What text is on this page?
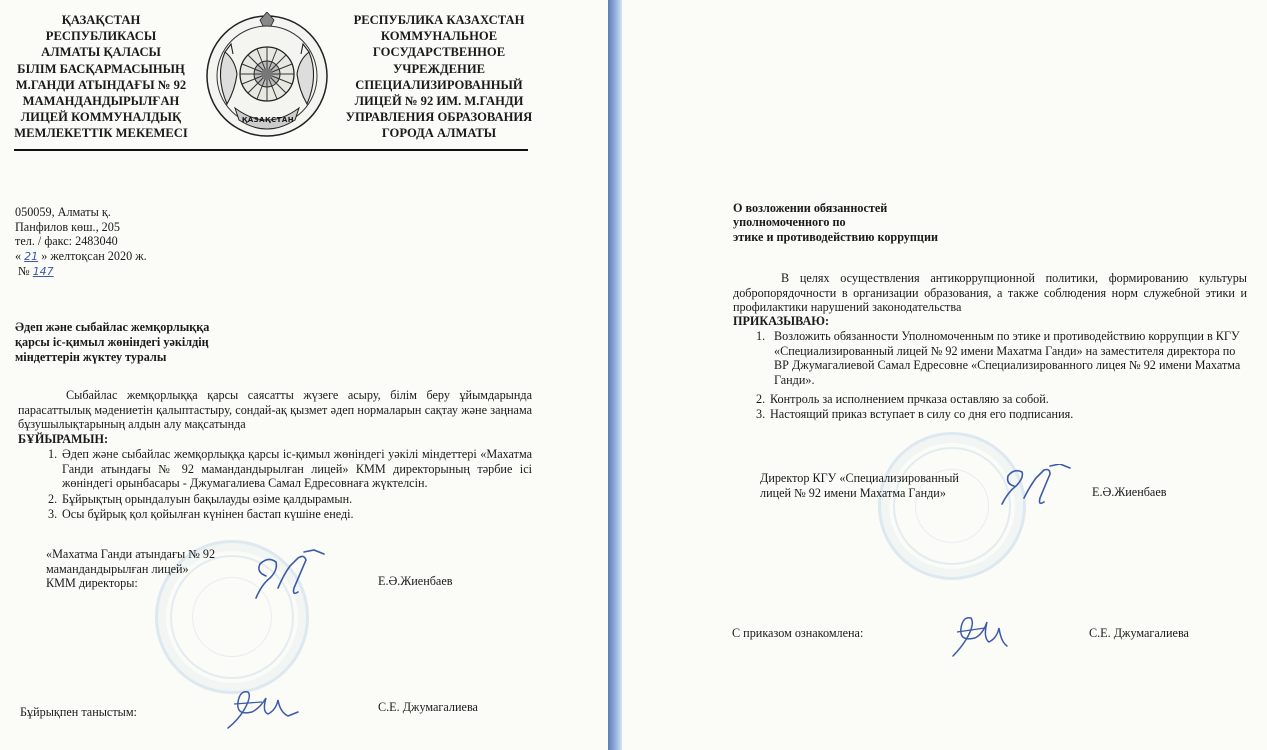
ҚАЗАҚСТАН
РЕСПУБЛИКАСЫ
АЛМАТЫ ҚАЛАСЫ
БІЛІМ БАСҚАРМАСЫНЫҢ
М.ГАНДИ АТЫНДАҒЫ № 92
МАМАНДАНДЫРЫЛҒАН
ЛИЦЕЙ КОММУНАЛДЫҚ
МЕМЛЕКЕТТІК МЕКЕМЕСІ
ҚАЗАҚСТАН
РЕСПУБЛИКА КАЗАХСТАН
КОММУНАЛЬНОЕ
ГОСУДАРСТВЕННОЕ
УЧРЕЖДЕНИЕ
СПЕЦИАЛИЗИРОВАННЫЙ
ЛИЦЕЙ № 92 ИМ. М.ГАНДИ
УПРАВЛЕНИЯ ОБРАЗОВАНИЯ
ГОРОДА АЛМАТЫ
050059, Алматы қ.
Панфилов көш., 205
тел. / факс: 2483040
« 21 » желтоқсан 2020 ж.
№ 147
Әдеп және сыбайлас жемқорлыққа
қарсы іс-қимыл жөніндегі уәкілдің
міндеттерін жүктеу туралы
Сыбайлас жемқорлыққа қарсы саясатты жүзеге асыру, білім беру ұйымдарында парасаттылық мәдениетін қалыптастыру, сондай-ақ қызмет әдеп нормаларын сақтау және заңнама бұзушылықтарының алдын алу мақсатында
БҰЙЫРАМЫН:
1. Әдеп және сыбайлас жемқорлыққа қарсы іс-қимыл жөніндегі уәкілі міндеттері «Махатма Ганди атындағы № 92 мамандандырылған лицей» КММ директорының тәрбие ісі жөніндегі орынбасары - Джумагалиева Самал Едресовнаға жүктелсін.
2. Бұйрықтың орындалуын бақылауды өзіме қалдырамын.
3. Осы бұйрық қол қойылған күнінен бастап күшіне енеді.
«Махатма Ганди атындағы № 92
мамандандырылған лицей»
КММ директоры:	Е.Ә.Жиенбаев
Бұйрықпен таныстым:	С.Е. Джумагалиева
О возложении обязанностей
уполномоченного по
этике и противодействию коррупции
В целях осуществления антикоррупционной политики, формированию культуры добропорядочности в организации образования, а также соблюдения норм служебной этики и профилактики нарушений законодательства
ПРИКАЗЫВАЮ:
1. Возложить обязанности Уполномоченным по этике и противодействию коррупции в КГУ «Специализированный лицей № 92 имени Махатма Ганди» на заместителя директора по ВР Джумагалиевой Самал Едресовне «Специализированного лицея № 92 имени Махатма Ганди».
2. Контроль за исполнением прчказа оставляю за собой.
3. Настоящий приказ вступает в силу со дня его подписания.
Директор КГУ «Специализированный
лицей № 92 имени Махатма Ганди»	Е.Ә.Жиенбаев
С приказом ознакомлена:	С.Е. Джумагалиева
